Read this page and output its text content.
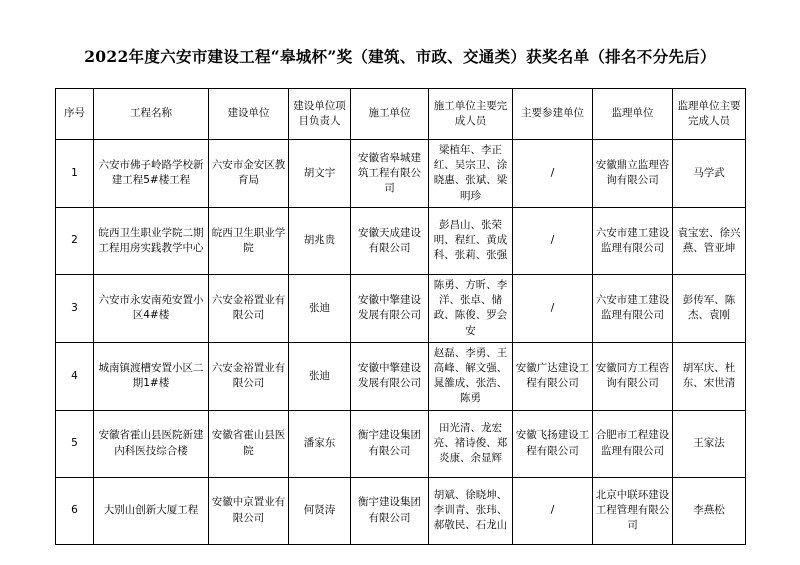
2022年度六安市建设工程“皋城杯”奖（建筑、市政、交通类）获奖名单（排名不分先后）
序号	工程名称	建设单位	建设单位项目负责人	施工单位	施工单位主要完成人员	主要参建单位	监理单位	监理单位主要完成人员
1	六安市佛子岭路学校新建工程5#楼工程	六安市金安区教育局	胡文宇	安徽省皋城建筑工程有限公司	梁植年、李正红、吴宗卫、涂晓惠、张斌、梁明珍	/	安徽鼎立监理咨询有限公司	马学武
2	皖西卫生职业学院二期工程用房实践教学中心	皖西卫生职业学院	胡兆贵	安徽天成建设有限公司	彭昌山、张荣明、程红、黄成科、张莉、张强	/	六安市建工建设监理有限公司	袁宝宏、徐兴燕、管亚坤
3	六安市永安南苑安置小区4#楼	六安金裕置业有限公司	张迪	安徽中擎建设发展有限公司	陈勇、方昕、李洋、张卓、储政、陈俊、罗会安	/	六安市建工建设监理有限公司	彭传军、陈杰、袁刚
4	城南镇渡槽安置小区二期1#楼	六安金裕置业有限公司	张迪	安徽中擎建设发展有限公司	赵磊、李勇、王高峰、解文强、晁雒成、张浩、陈勇	安徽广达建设工程有限公司	安徽同方工程咨询有限公司	胡军庆、杜东、宋世清
5	安徽省霍山县医院新建内科医技综合楼	安徽省霍山县医院	潘家东	衡宇建设集团有限公司	田光清、龙宏亮、褚诗俊、郑炎康、余显辉	安徽飞扬建设工程有限公司	合肥市工程建设监理有限公司	王家法
6	大别山创新大厦工程	安徽中京置业有限公司	何贤涛	衡宇建设集团有限公司	胡斌、徐晓坤、李训青、张玮、郝敬民、石龙山	/	北京中联环建设工程管理有限公司	李燕松
